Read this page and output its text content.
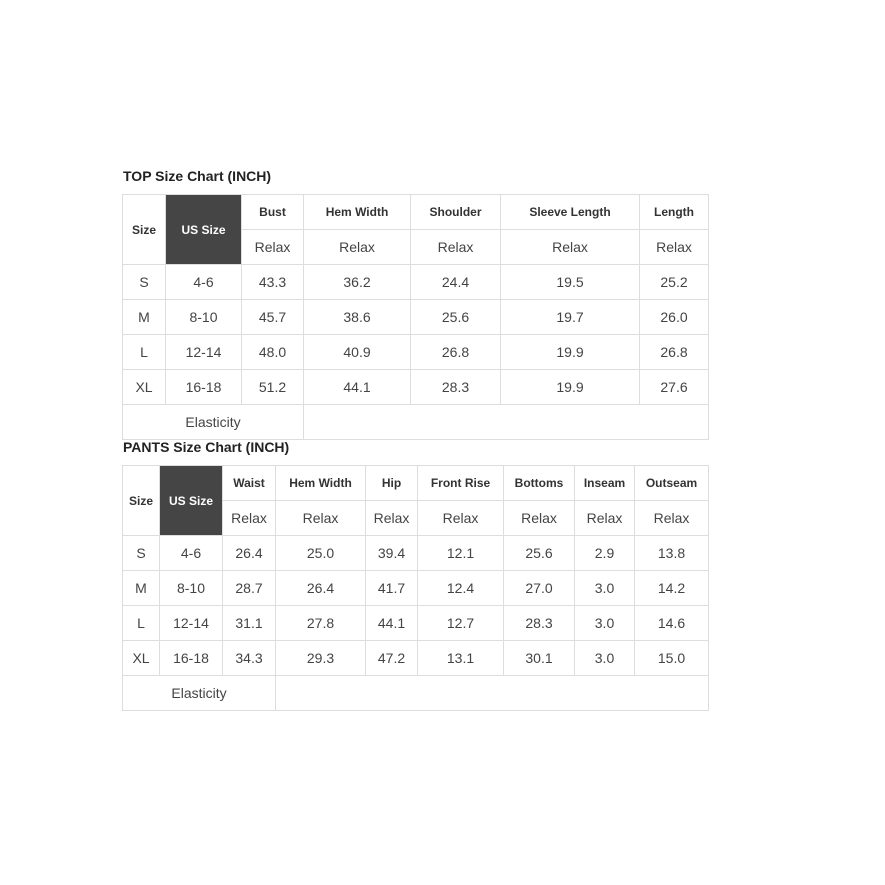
TOP Size Chart (INCH)
Size	US Size	Bust	Hem Width	Shoulder	Sleeve Length	Length
		Relax	Relax	Relax	Relax	Relax
S	4-6	43.3	36.2	24.4	19.5	25.2
M	8-10	45.7	38.6	25.6	19.7	26.0
L	12-14	48.0	40.9	26.8	19.9	26.8
XL	16-18	51.2	44.1	28.3	19.9	27.6
Elasticity						
PANTS Size Chart (INCH)
Size	US Size	Waist	Hem Width	Hip	Front Rise	Bottoms	Inseam	Outseam
		Relax	Relax	Relax	Relax	Relax	Relax	Relax
S	4-6	26.4	25.0	39.4	12.1	25.6	2.9	13.8
M	8-10	28.7	26.4	41.7	12.4	27.0	3.0	14.2
L	12-14	31.1	27.8	44.1	12.7	28.3	3.0	14.6
XL	16-18	34.3	29.3	47.2	13.1	30.1	3.0	15.0
Elasticity								
